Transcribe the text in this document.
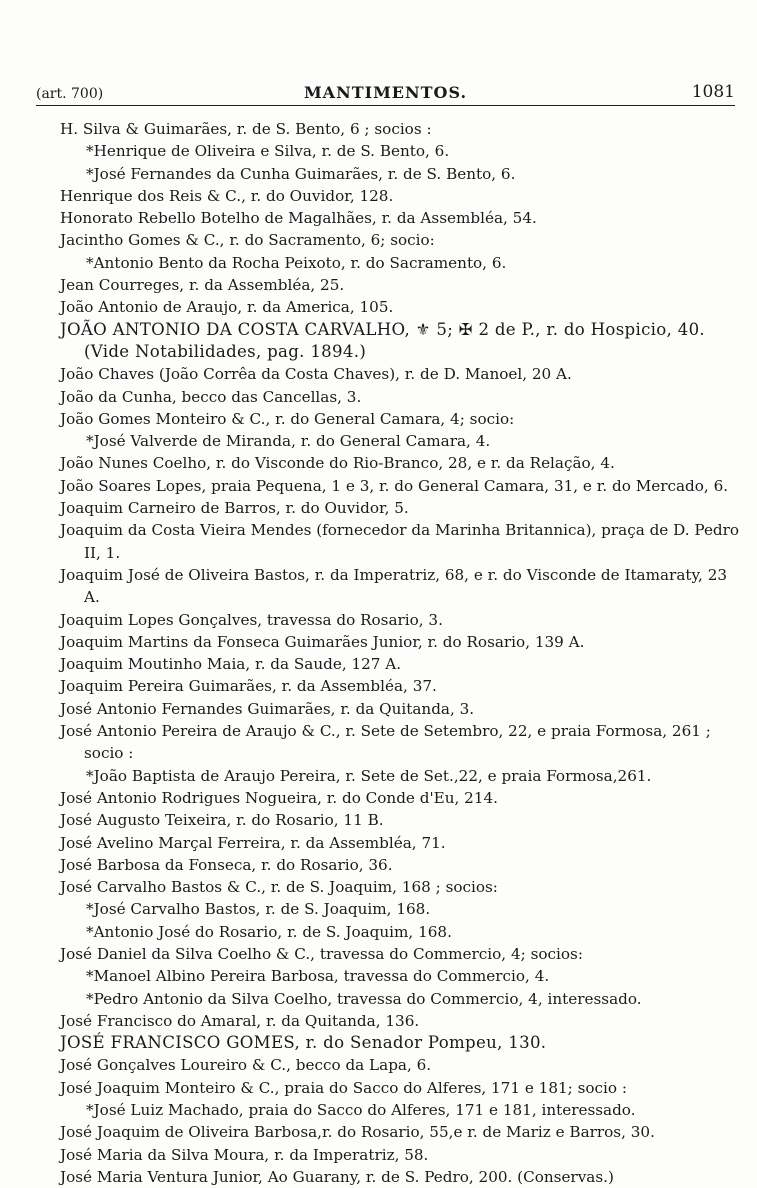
(art. 700)	MANTIMENTOS.	1081

H. Silva & Guimarães, r. de S. Bento, 6 ; socios :

*Henrique de Oliveira e Silva, r. de S. Bento, 6.

*José Fernandes da Cunha Guimarães, r. de S. Bento, 6.

Henrique dos Reis & C., r. do Ouvidor, 128.

Honorato Rebello Botelho de Magalhães, r. da Assembléa, 54.

Jacintho Gomes & C., r. do Sacramento, 6; socio:

*Antonio Bento da Rocha Peixoto, r. do Sacramento, 6.

Jean Courreges, r. da Assembléa, 25.

João Antonio de Araujo, r. da America, 105.

JOÃO ANTONIO DA COSTA CARVALHO, ⚜ 5; ✠ 2 de P., r. do Hospicio, 40. (Vide Notabilidades, pag. 1894.)

João Chaves (João Corrêa da Costa Chaves), r. de D. Manoel, 20 A.

João da Cunha, becco das Cancellas, 3.

João Gomes Monteiro & C., r. do General Camara, 4; socio:

*José Valverde de Miranda, r. do General Camara, 4.

João Nunes Coelho, r. do Visconde do Rio-Branco, 28, e r. da Relação, 4.

João Soares Lopes, praia Pequena, 1 e 3, r. do General Camara, 31, e r. do Mercado, 6.

Joaquim Carneiro de Barros, r. do Ouvidor, 5.

Joaquim da Costa Vieira Mendes (fornecedor da Marinha Britannica), praça de D. Pedro II, 1.

Joaquim José de Oliveira Bastos, r. da Imperatriz, 68, e r. do Visconde de Itamaraty, 23 A.

Joaquim Lopes Gonçalves, travessa do Rosario, 3.

Joaquim Martins da Fonseca Guimarães Junior, r. do Rosario, 139 A.

Joaquim Moutinho Maia, r. da Saude, 127 A.

Joaquim Pereira Guimarães, r. da Assembléa, 37.

José Antonio Fernandes Guimarães, r. da Quitanda, 3.

José Antonio Pereira de Araujo & C., r. Sete de Setembro, 22, e praia Formosa, 261 ; socio :

*João Baptista de Araujo Pereira, r. Sete de Set.,22, e praia Formosa,261.

José Antonio Rodrigues Nogueira, r. do Conde d'Eu, 214.

José Augusto Teixeira, r. do Rosario, 11 B.

José Avelino Marçal Ferreira, r. da Assembléa, 71.

José Barbosa da Fonseca, r. do Rosario, 36.

José Carvalho Bastos & C., r. de S. Joaquim, 168 ; socios:

*José Carvalho Bastos, r. de S. Joaquim, 168.

*Antonio José do Rosario, r. de S. Joaquim, 168.

José Daniel da Silva Coelho & C., travessa do Commercio, 4; socios:

*Manoel Albino Pereira Barbosa, travessa do Commercio, 4.

*Pedro Antonio da Silva Coelho, travessa do Commercio, 4, interessado.

José Francisco do Amaral, r. da Quitanda, 136.

JOSÉ FRANCISCO GOMES, r. do Senador Pompeu, 130.

José Gonçalves Loureiro & C., becco da Lapa, 6.

José Joaquim Monteiro & C., praia do Sacco do Alferes, 171 e 181; socio :

*José Luiz Machado, praia do Sacco do Alferes, 171 e 181, interessado.

José Joaquim de Oliveira Barbosa,r. do Rosario, 55,e r. de Mariz e Barros, 30.

José Maria da Silva Moura, r. da Imperatriz, 58.

José Maria Ventura Junior, Ao Guarany, r. de S. Pedro, 200. (Conservas.)
